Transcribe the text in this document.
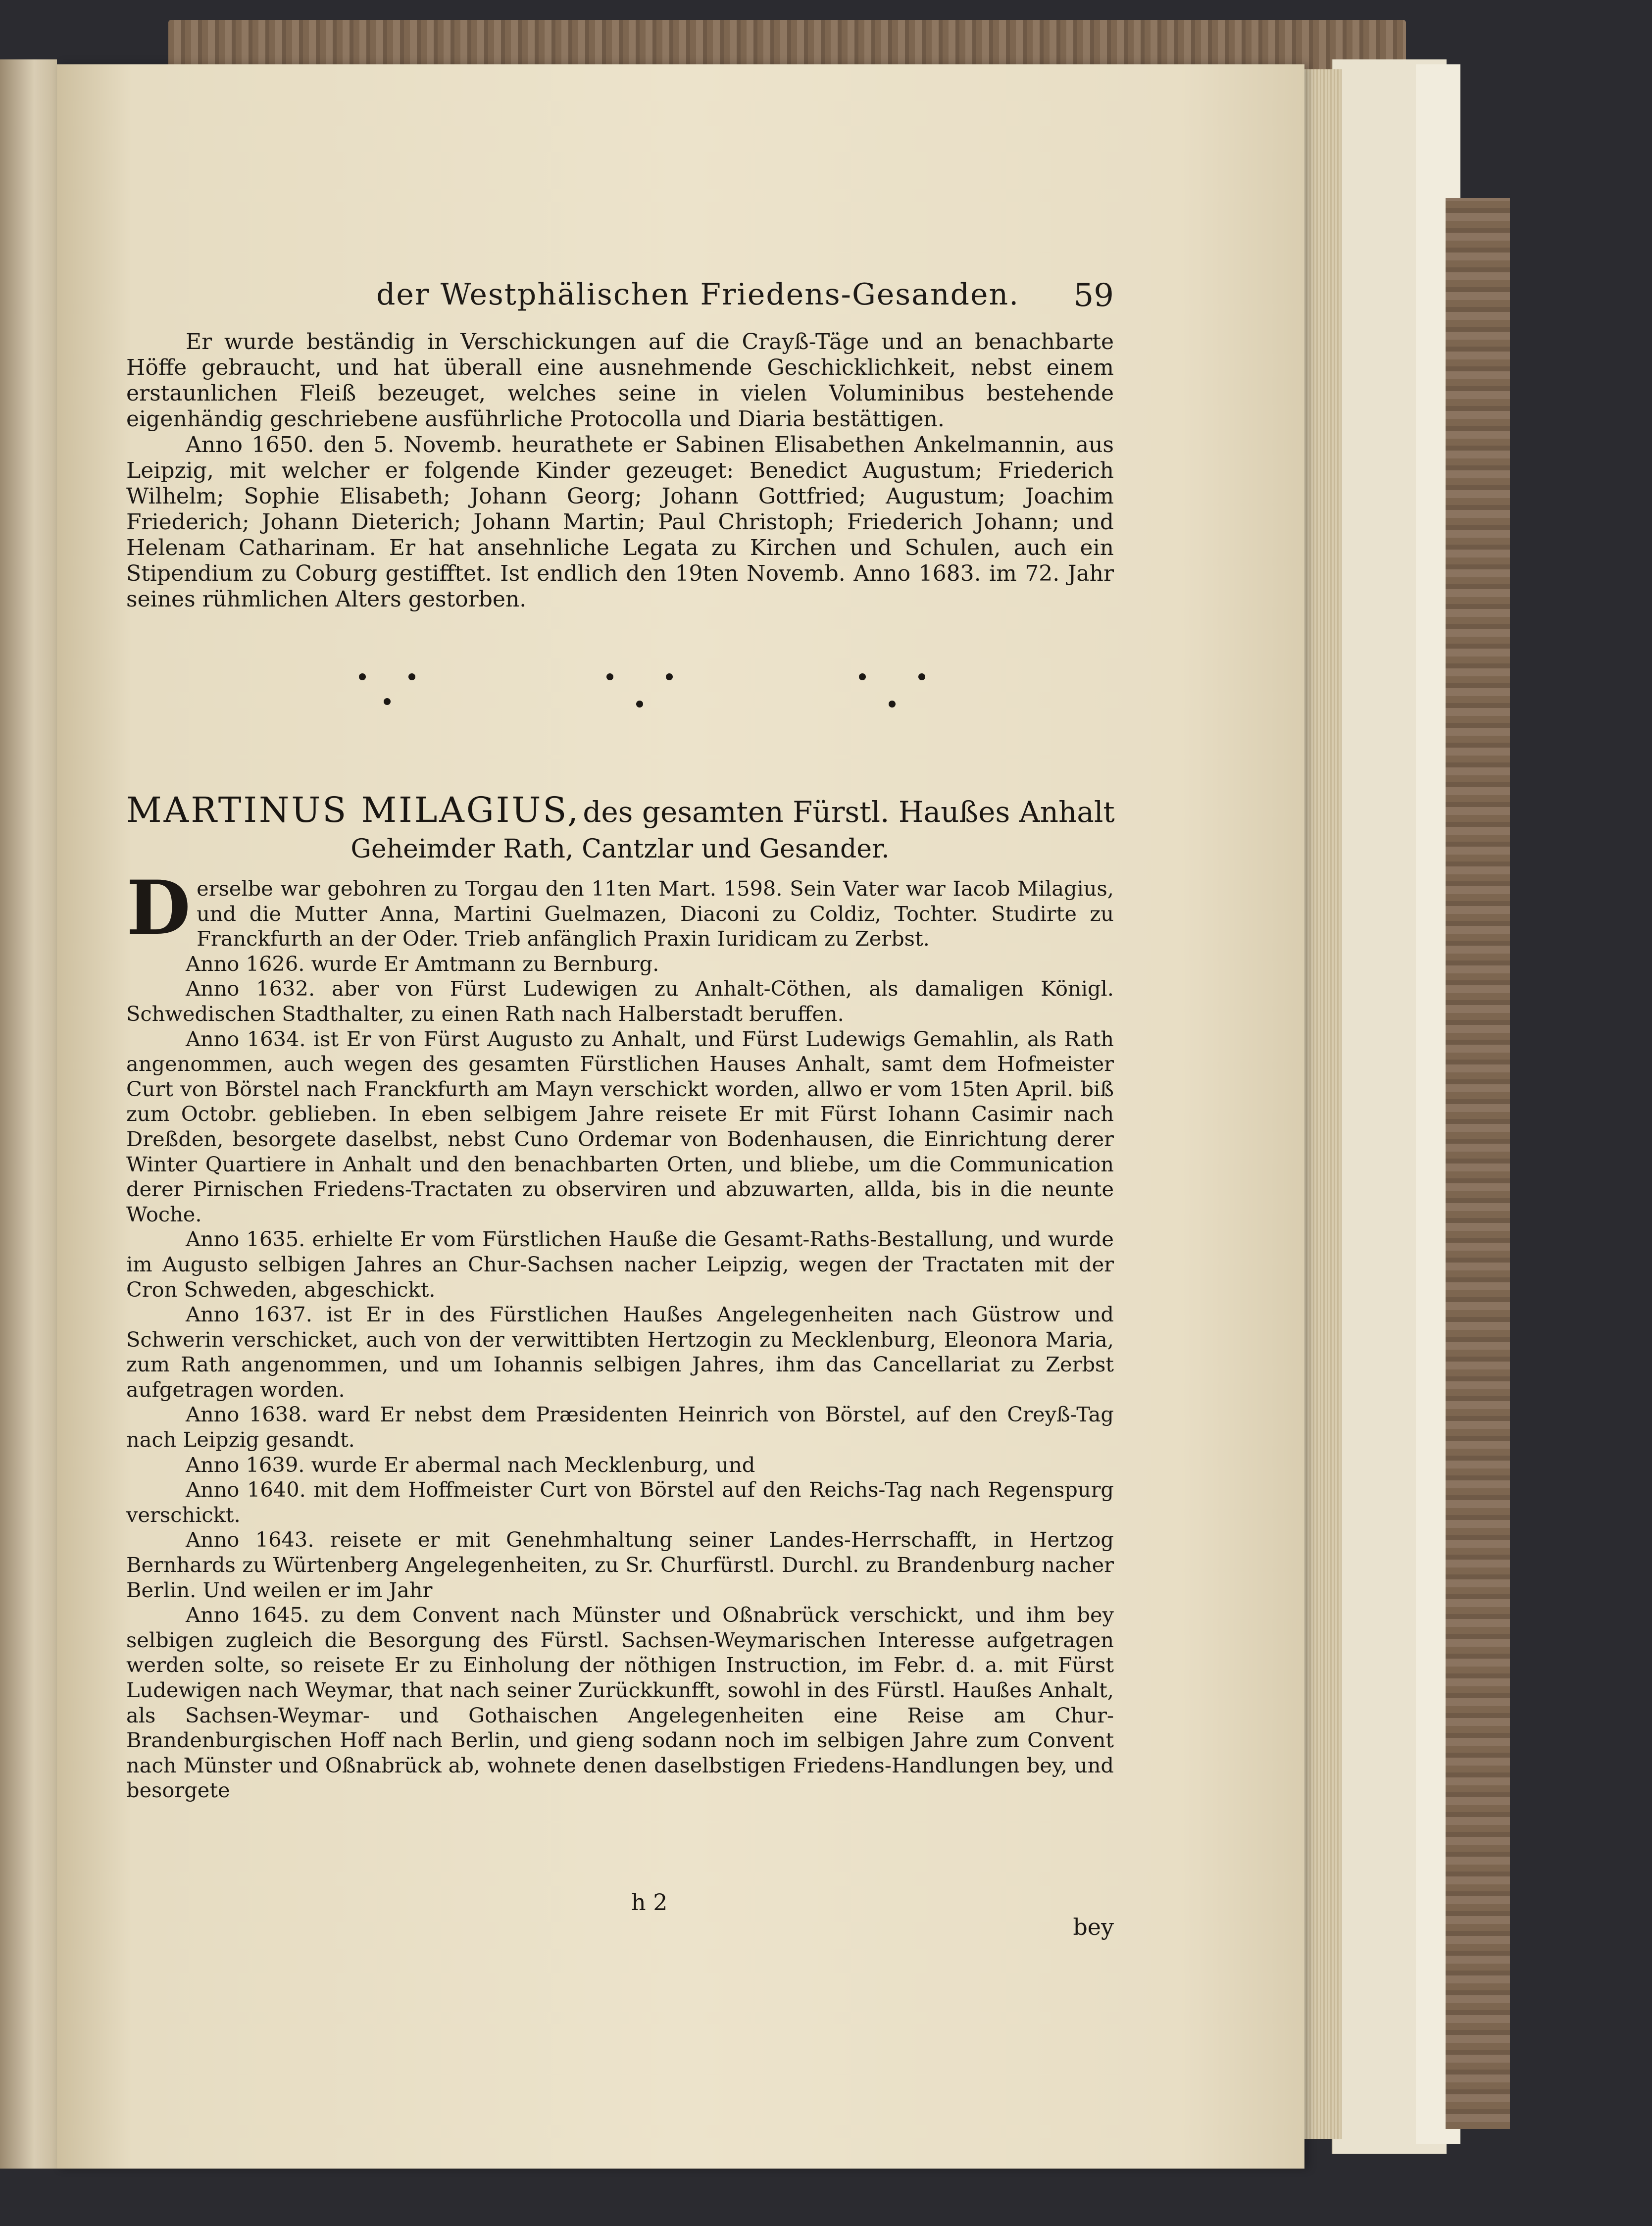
der Westphälischen Friedens-Gesanden. 59

Er wurde beständig in Verschickungen auf die Crayß-Täge und an benachbarte Höffe gebraucht, und hat überall eine ausnehmende Geschicklichkeit, nebst einem erstaunlichen Fleiß bezeuget, welches seine in vielen Voluminibus bestehende eigenhändig geschriebene ausführliche Protocolla und Diaria bestättigen.

Anno 1650. den 5. Novemb. heurathete er Sabinen Elisabethen Ankelmannin, aus Leipzig, mit welcher er folgende Kinder gezeuget: Benedict Augustum; Friederich Wilhelm; Sophie Elisabeth; Johann Georg; Johann Gottfried; Augustum; Joachim Friederich; Johann Dieterich; Johann Martin; Paul Christoph; Friederich Johann; und Helenam Catharinam. Er hat ansehnliche Legata zu Kirchen und Schulen, auch ein Stipendium zu Coburg gestifftet. Ist endlich den 19ten Novemb. Anno 1683. im 72. Jahr seines rühmlichen Alters gestorben.

MARTINUS MILAGIUS, des gesamten Fürstl. Haußes Anhalt
Geheimder Rath, Cantzlar und Gesander.

Derselbe war gebohren zu Torgau den 11ten Mart. 1598. Sein Vater war Iacob Milagius, und die Mutter Anna, Martini Guelmazen, Diaconi zu Coldiz, Tochter. Studirte zu Franckfurth an der Oder. Trieb anfänglich Praxin Iuridicam zu Zerbst.

Anno 1626. wurde Er Amtmann zu Bernburg.

Anno 1632. aber von Fürst Ludewigen zu Anhalt-Cöthen, als damaligen Königl. Schwedischen Stadthalter, zu einen Rath nach Halberstadt beruffen.

Anno 1634. ist Er von Fürst Augusto zu Anhalt, und Fürst Ludewigs Gemahlin, als Rath angenommen, auch wegen des gesamten Fürstlichen Hauses Anhalt, samt dem Hofmeister Curt von Börstel nach Franckfurth am Mayn verschickt worden, allwo er vom 15ten April. biß zum Octobr. geblieben. In eben selbigem Jahre reisete Er mit Fürst Iohann Casimir nach Dreßden, besorgete daselbst, nebst Cuno Ordemar von Bodenhausen, die Einrichtung derer Winter Quartiere in Anhalt und den benachbarten Orten, und bliebe, um die Communication derer Pirnischen Friedens-Tractaten zu observiren und abzuwarten, allda, bis in die neunte Woche.

Anno 1635. erhielte Er vom Fürstlichen Hauße die Gesamt-Raths-Bestallung, und wurde im Augusto selbigen Jahres an Chur-Sachsen nacher Leipzig, wegen der Tractaten mit der Cron Schweden, abgeschickt.

Anno 1637. ist Er in des Fürstlichen Haußes Angelegenheiten nach Güstrow und Schwerin verschicket, auch von der verwittibten Hertzogin zu Mecklenburg, Eleonora Maria, zum Rath angenommen, und um Iohannis selbigen Jahres, ihm das Cancellariat zu Zerbst aufgetragen worden.

Anno 1638. ward Er nebst dem Præsidenten Heinrich von Börstel, auf den Creyß-Tag nach Leipzig gesandt.

Anno 1639. wurde Er abermal nach Mecklenburg, und

Anno 1640. mit dem Hoffmeister Curt von Börstel auf den Reichs-Tag nach Regenspurg verschickt.

Anno 1643. reisete er mit Genehmhaltung seiner Landes-Herrschafft, in Hertzog Bernhards zu Würtenberg Angelegenheiten, zu Sr. Churfürstl. Durchl. zu Brandenburg nacher Berlin. Und weilen er im Jahr

Anno 1645. zu dem Convent nach Münster und Oßnabrück verschickt, und ihm bey selbigen zugleich die Besorgung des Fürstl. Sachsen-Weymarischen Interesse aufgetragen werden solte, so reisete Er zu Einholung der nöthigen Instruction, im Febr. d. a. mit Fürst Ludewigen nach Weymar, that nach seiner Zurückkunfft, sowohl in des Fürstl. Haußes Anhalt, als Sachsen-Weymar- und Gothaischen Angelegenheiten eine Reise am Chur-Brandenburgischen Hoff nach Berlin, und gieng sodann noch im selbigen Jahre zum Convent nach Münster und Oßnabrück ab, wohnete denen daselbstigen Friedens-Handlungen bey, und besorgete

h 2
bey
